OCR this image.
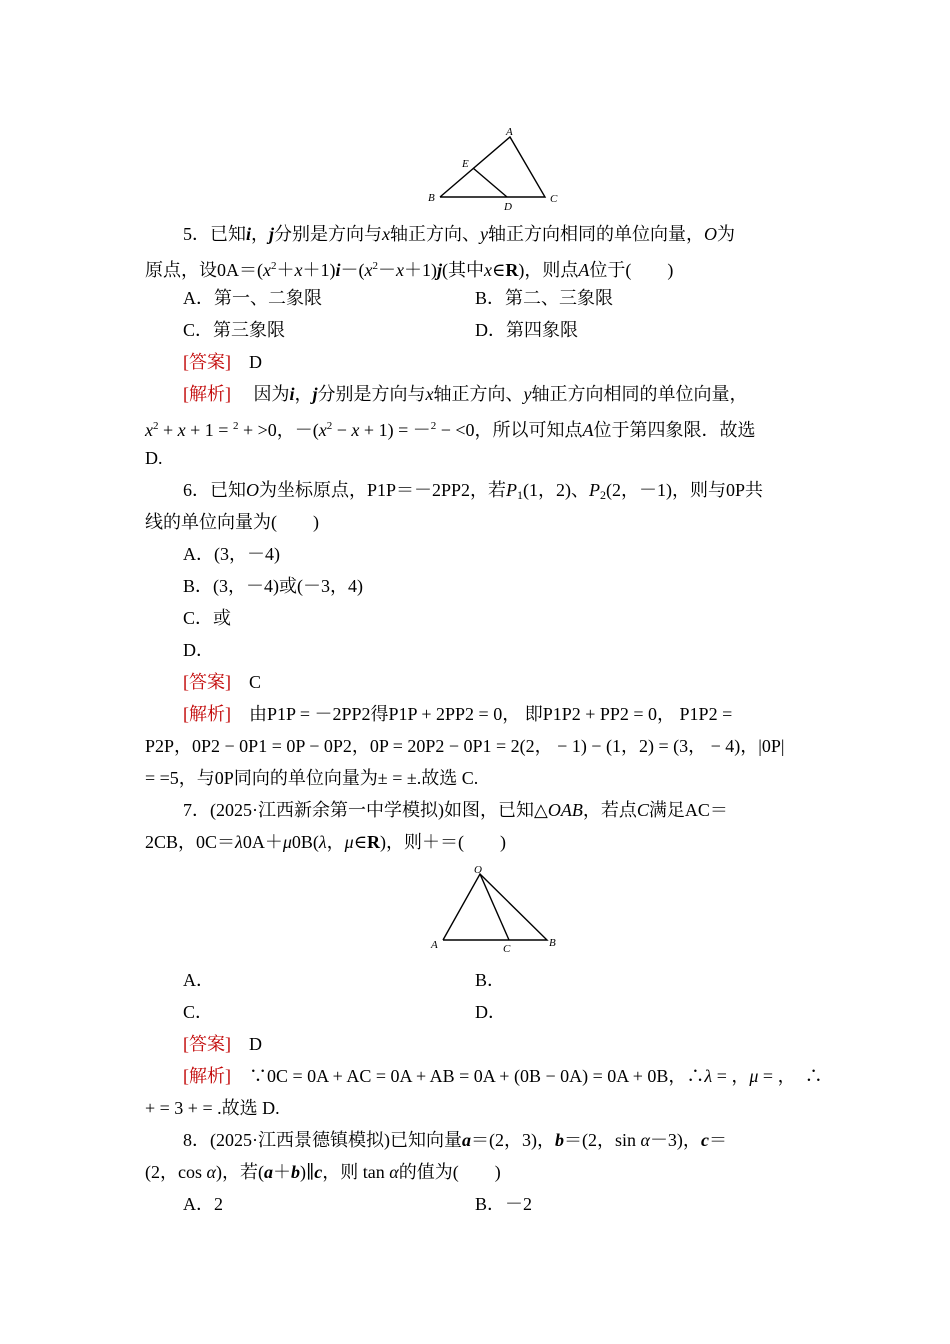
A
B	C
D
E
5．已知i，j分别是方向与x轴正方向、y轴正方向相同的单位向量，O为
原点，设$0A=(x^2+x+1)i-(x^2-x+1)j$(其中x∈R)，则点A位于(　　)
A．第一、二象限	B．第二、三象限
C．第三象限	D．第四象限
[答案]　 D
[解析]　 因为i，j分别是方向与x轴正方向、y轴正方向相同的单位向量，
$x^2 + x + 1 = ^2 + >0$，$-(x^2 - x + 1) = -^2 - <0$，所以可知点A位于第四象限．故选
D.
6．已知O为坐标原点，P1P＝－2PP2，若$P_1(1$，2)、$P_2(2$，－1)，则与0P共
线的单位向量为(　　)
A．(3，－4)
B．(3，－4)或(－3，4)
C．或
D．
[答案]　 C
[解析]　 由P1P = －2PP2得P1P + 2PP2 = 0， 即P1P2 + PP2 = 0， P1P2 =
P2P，0P2 − 0P1 = 0P − 0P2，0P = 20P2 − 0P1 = 2(2， − 1) − (1，2) = (3， − 4)，|0P|
= =5，与0P同向的单位向量为± = ±.故选 C.
7．(2025·江西新余第一中学模拟)如图，已知△OAB，若点C满足AC＝
2CB，0C＝λ0A＋μ0B(λ，μ∈R)，则＋＝(　　)
O
A	B
C
A．	B．
C．	D．
[答案]　 D
[解析]　 ∵0C = 0A + AC = 0A + AB = 0A + (0B − 0A) = 0A + 0B，∴λ = ，μ = ，　∴
+ = 3 + = .故选 D.
8．(2025·江西景德镇模拟)已知向量a＝(2，3)，b＝(2，sin α－3)，c＝
(2，cos α)，若(a＋b)∥c，则 tan α的值为(　　)
A．2	B．－2
